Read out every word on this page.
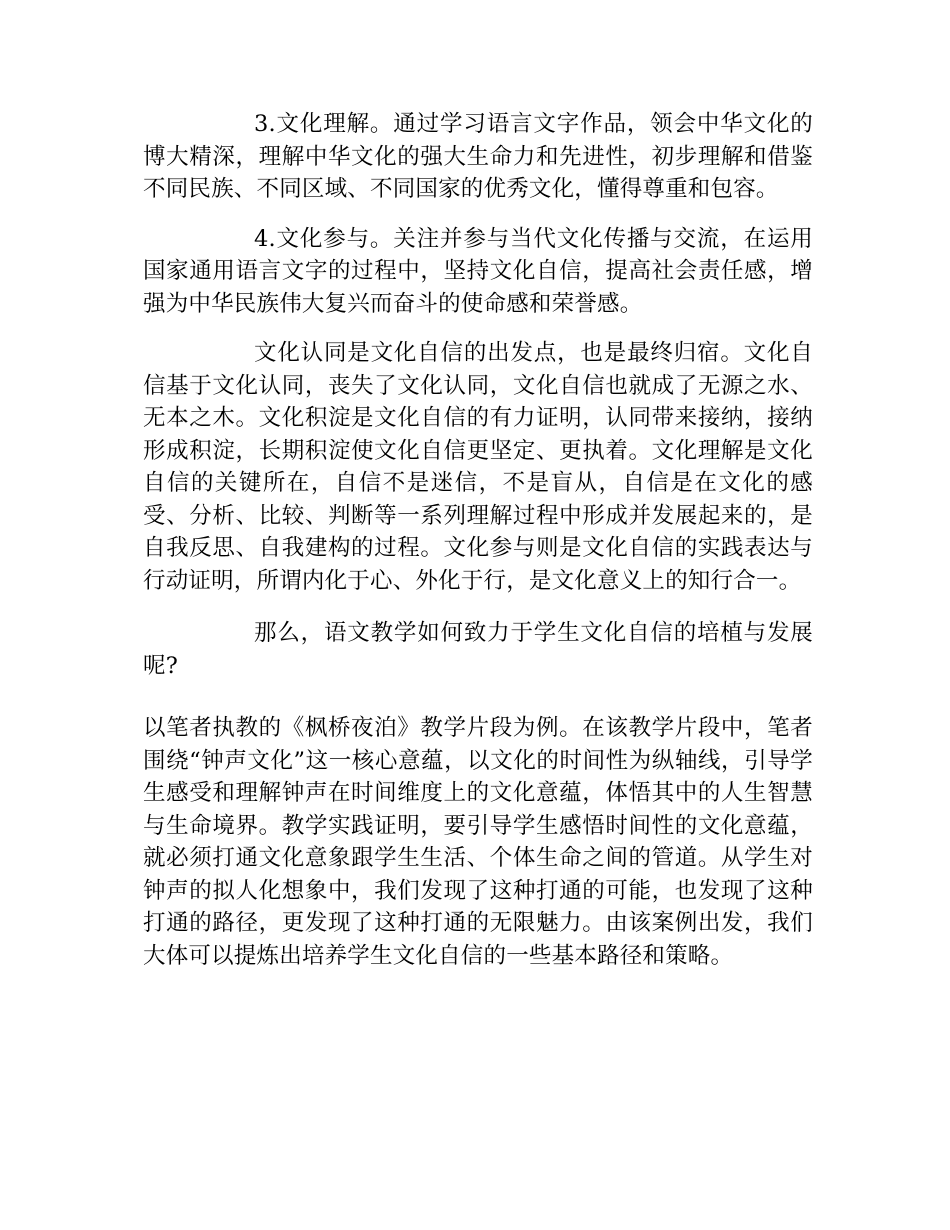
3.文化理解。通过学习语言文字作品，领会中华文化的博大精深，理解中华文化的强大生命力和先进性，初步理解和借鉴不同民族、不同区域、不同国家的优秀文化，懂得尊重和包容。

4.文化参与。关注并参与当代文化传播与交流，在运用国家通用语言文字的过程中，坚持文化自信，提高社会责任感，增强为中华民族伟大复兴而奋斗的使命感和荣誉感。

文化认同是文化自信的出发点，也是最终归宿。文化自信基于文化认同，丧失了文化认同，文化自信也就成了无源之水、无本之木。文化积淀是文化自信的有力证明，认同带来接纳，接纳形成积淀，长期积淀使文化自信更坚定、更执着。文化理解是文化自信的关键所在，自信不是迷信，不是盲从，自信是在文化的感受、分析、比较、判断等一系列理解过程中形成并发展起来的，是自我反思、自我建构的过程。文化参与则是文化自信的实践表达与行动证明，所谓内化于心、外化于行，是文化意义上的知行合一。

那么，语文教学如何致力于学生文化自信的培植与发展呢?

以笔者执教的《枫桥夜泊》教学片段为例。在该教学片段中，笔者围绕“钟声文化”这一核心意蕴，以文化的时间性为纵轴线，引导学生感受和理解钟声在时间维度上的文化意蕴，体悟其中的人生智慧与生命境界。教学实践证明，要引导学生感悟时间性的文化意蕴，就必须打通文化意象跟学生生活、个体生命之间的管道。从学生对钟声的拟人化想象中，我们发现了这种打通的可能，也发现了这种打通的路径，更发现了这种打通的无限魅力。由该案例出发，我们大体可以提炼出培养学生文化自信的一些基本路径和策略。
